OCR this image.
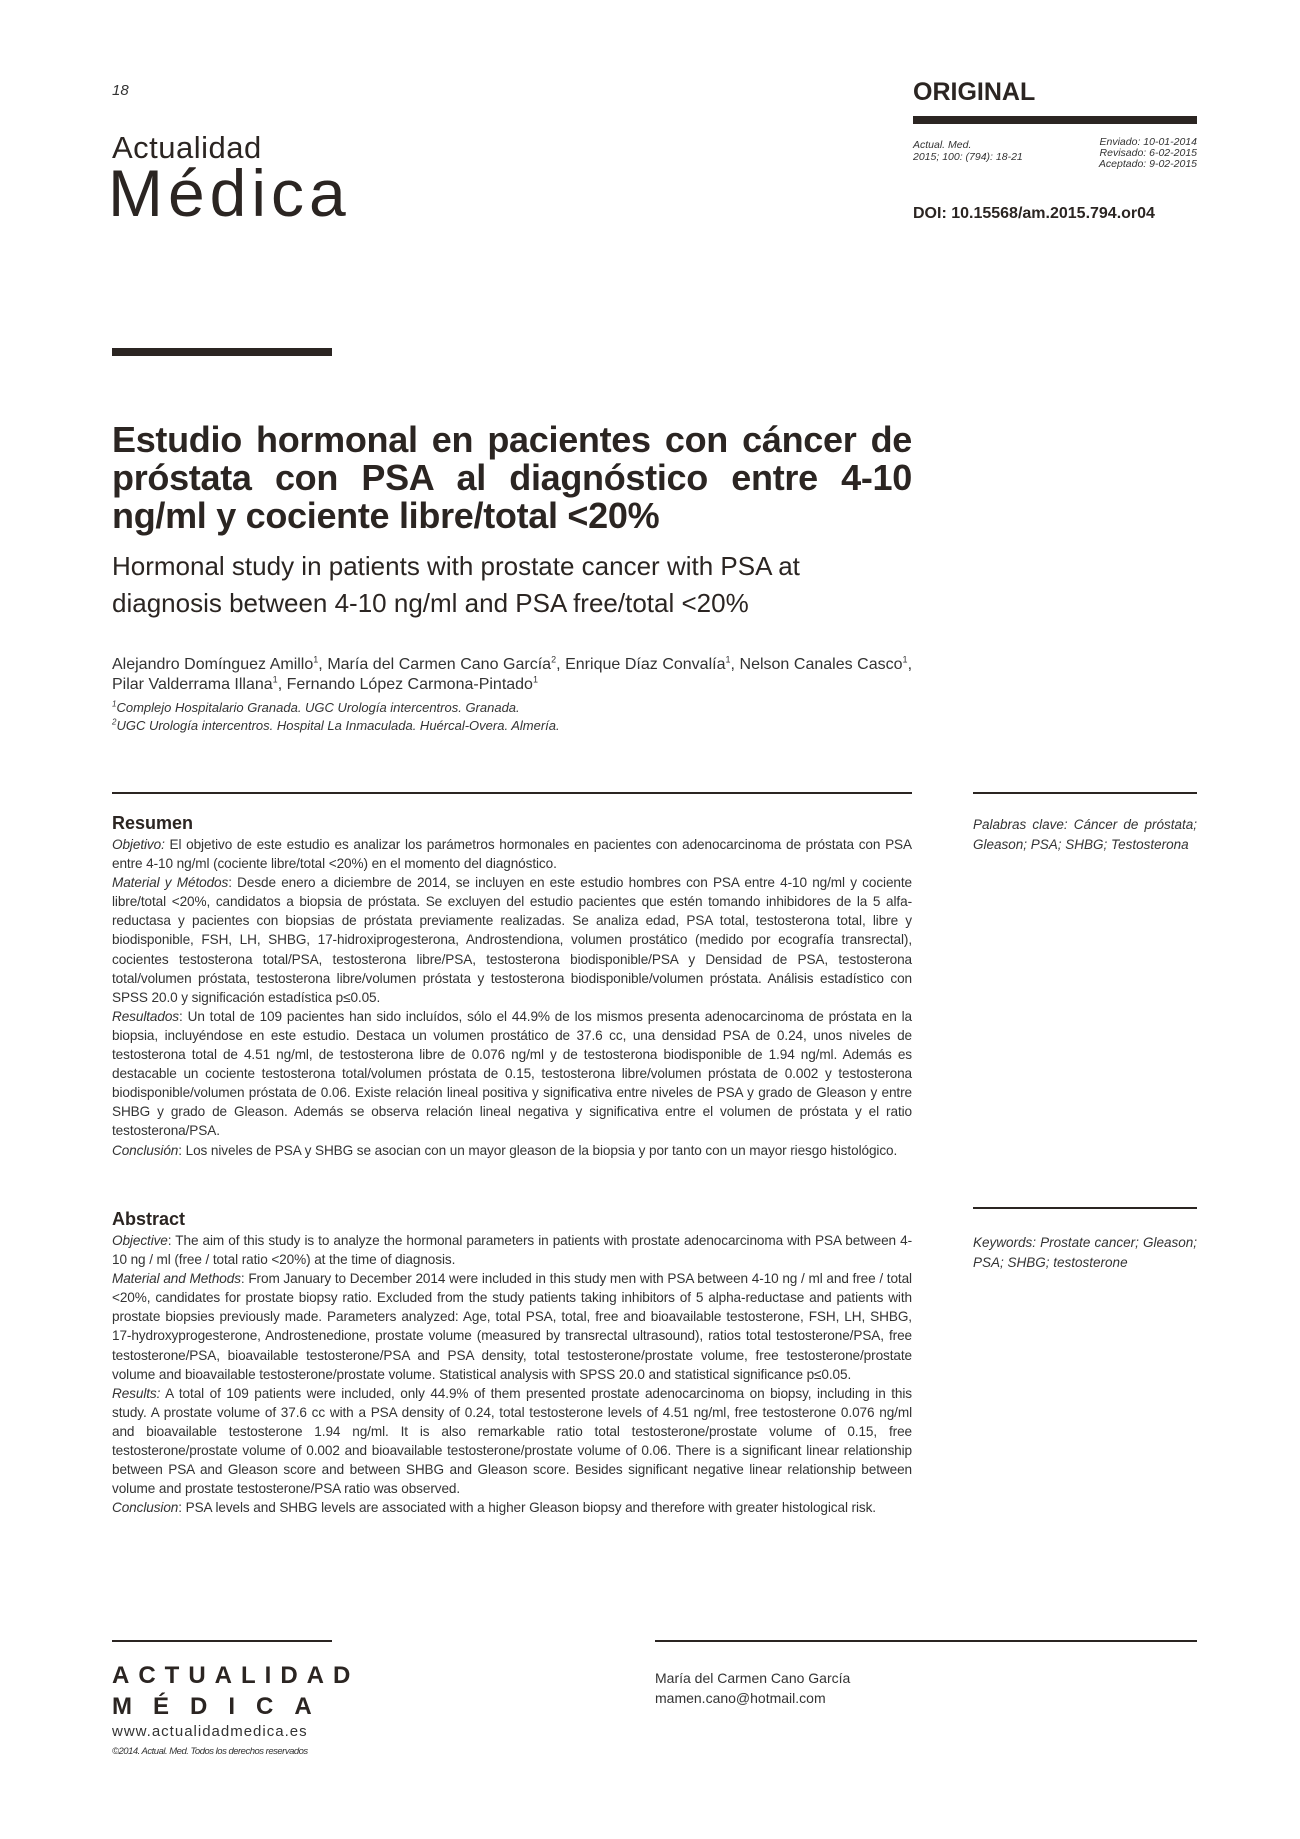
18
Actualidad
Médica
ORIGINAL
Actual. Med.
2015; 100: (794): 18-21
Enviado: 10-01-2014
Revisado: 6-02-2015
Aceptado: 9-02-2015
DOI: 10.15568/am.2015.794.or04
Estudio hormonal en pacientes con cáncer de próstata con PSA al diagnóstico entre 4-10 ng/ml y cociente libre/total <20%
Hormonal study in patients with prostate cancer with PSA at diagnosis between 4-10 ng/ml and PSA free/total <20%
Alejandro Domínguez Amillo$^1$, María del Carmen Cano García$^2$, Enrique Díaz Convalía$^1$, Nelson Canales Casco$^1$, Pilar Valderrama Illana$^1$, Fernando López Carmona-Pintado$^1$
$^1$Complejo Hospitalario Granada. UGC Urología intercentros. Granada.
$^2$UGC Urología intercentros. Hospital La Inmaculada. Huércal-Overa. Almería.
Resumen

Objetivo: El objetivo de este estudio es analizar los parámetros hormonales en pacientes con adenocarcinoma de próstata con PSA entre 4-10 ng/ml (cociente libre/total <20%) en el momento del diagnóstico.

Material y Métodos: Desde enero a diciembre de 2014, se incluyen en este estudio hombres con PSA entre 4-10 ng/ml y cociente libre/total <20%, candidatos a biopsia de próstata. Se excluyen del estudio pacientes que estén tomando inhibidores de la 5 alfa-reductasa y pacientes con biopsias de próstata previamente realizadas. Se analiza edad, PSA total, testosterona total, libre y biodisponible, FSH, LH, SHBG, 17-hidroxiprogesterona, Androstendiona, volumen prostático (medido por ecografía transrectal), cocientes testosterona total/PSA, testosterona libre/PSA, testosterona biodisponible/PSA y Densidad de PSA, testosterona total/volumen próstata, testosterona libre/volumen próstata y testosterona biodisponible/volumen próstata. Análisis estadístico con SPSS 20.0 y significación estadística p≤0.05.

Resultados: Un total de 109 pacientes han sido incluídos, sólo el 44.9% de los mismos presenta adenocarcinoma de próstata en la biopsia, incluyéndose en este estudio. Destaca un volumen prostático de 37.6 cc, una densidad PSA de 0.24, unos niveles de testosterona total de 4.51 ng/ml, de testosterona libre de 0.076 ng/ml y de testosterona biodisponible de 1.94 ng/ml. Además es destacable un cociente testosterona total/volumen próstata de 0.15, testosterona libre/volumen próstata de 0.002 y testosterona biodisponible/volumen próstata de 0.06. Existe relación lineal positiva y significativa entre niveles de PSA y grado de Gleason y entre SHBG y grado de Gleason. Además se observa relación lineal negativa y significativa entre el volumen de próstata y el ratio testosterona/PSA.

Conclusión: Los niveles de PSA y SHBG se asocian con un mayor gleason de la biopsia y por tanto con un mayor riesgo histológico.

Palabras clave: Cáncer de próstata; Gleason; PSA; SHBG; Testosterona
Abstract

Objective: The aim of this study is to analyze the hormonal parameters in patients with prostate adenocarcinoma with PSA between 4-10 ng / ml (free / total ratio <20%) at the time of diagnosis.

Material and Methods: From January to December 2014 were included in this study men with PSA between 4-10 ng / ml and free / total <20%, candidates for prostate biopsy ratio. Excluded from the study patients taking inhibitors of 5 alpha-reductase and patients with prostate biopsies previously made. Parameters analyzed: Age, total PSA, total, free and bioavailable testosterone, FSH, LH, SHBG, 17-hydroxyprogesterone, Androstenedione, prostate volume (measured by transrectal ultrasound), ratios total testosterone/PSA, free testosterone/PSA, bioavailable testosterone/PSA and PSA density, total testosterone/prostate volume, free testosterone/prostate volume and bioavailable testosterone/prostate volume. Statistical analysis with SPSS 20.0 and statistical significance p≤0.05.

Results: A total of 109 patients were included, only 44.9% of them presented prostate adenocarcinoma on biopsy, including in this study. A prostate volume of 37.6 cc with a PSA density of 0.24, total testosterone levels of 4.51 ng/ml, free testosterone 0.076 ng/ml and bioavailable testosterone 1.94 ng/ml. It is also remarkable ratio total testosterone/prostate volume of 0.15, free testosterone/prostate volume of 0.002 and bioavailable testosterone/prostate volume of 0.06. There is a significant linear relationship between PSA and Gleason score and between SHBG and Gleason score. Besides significant negative linear relationship between volume and prostate testosterone/PSA ratio was observed.

Conclusion: PSA levels and SHBG levels are associated with a higher Gleason biopsy and therefore with greater histological risk.

Keywords: Prostate cancer; Gleason; PSA; SHBG; testosterone
ACTUALIDAD
MÉDICA
www.actualidadmedica.es
©2014. Actual. Med. Todos los derechos reservados
María del Carmen Cano García
mamen.cano@hotmail.com
